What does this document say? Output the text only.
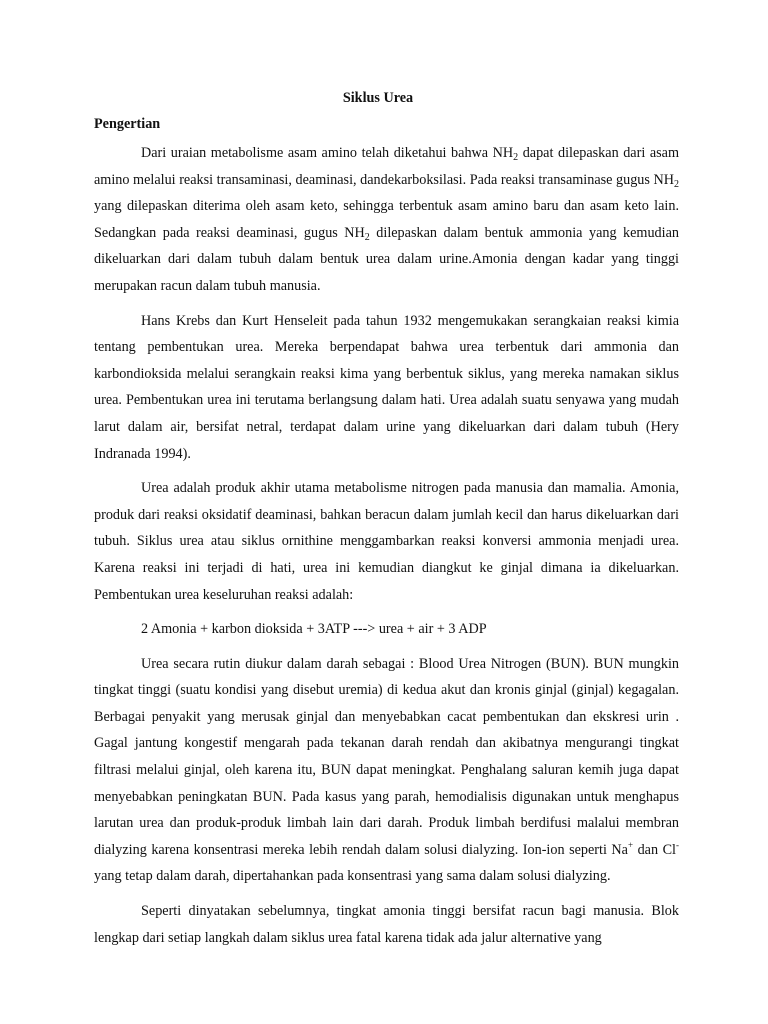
Siklus Urea
Pengertian

Dari uraian metabolisme asam amino telah diketahui bahwa $NH_2$ dapat dilepaskan dari asam amino melalui reaksi transaminasi, deaminasi, dandekarboksilasi. Pada reaksi transaminase gugus $NH_2$ yang dilepaskan diterima oleh asam keto, sehingga terbentuk asam amino baru dan asam keto lain. Sedangkan pada reaksi deaminasi, gugus $NH_2$ dilepaskan dalam bentuk ammonia yang kemudian dikeluarkan dari dalam tubuh dalam bentuk urea dalam urine.Amonia dengan kadar yang tinggi merupakan racun dalam tubuh manusia.

Hans Krebs dan Kurt Henseleit pada tahun 1932 mengemukakan serangkaian reaksi kimia tentang pembentukan urea. Mereka berpendapat bahwa urea terbentuk dari ammonia dan karbondioksida melalui serangkain reaksi kima yang berbentuk siklus, yang mereka namakan siklus urea. Pembentukan urea ini terutama berlangsung dalam hati. Urea adalah suatu senyawa yang mudah larut dalam air, bersifat netral, terdapat dalam urine yang dikeluarkan dari dalam tubuh (Hery Indranada 1994).

Urea adalah produk akhir utama metabolisme nitrogen pada manusia dan mamalia. Amonia, produk dari reaksi oksidatif deaminasi, bahkan beracun dalam jumlah kecil dan harus dikeluarkan dari tubuh. Siklus urea atau siklus ornithine menggambarkan reaksi konversi ammonia menjadi urea. Karena reaksi ini terjadi di hati, urea ini kemudian diangkut ke ginjal dimana ia dikeluarkan. Pembentukan urea keseluruhan reaksi adalah:

2 Amonia + karbon dioksida + 3ATP ---> urea + air + 3 ADP

Urea secara rutin diukur dalam darah sebagai : Blood Urea Nitrogen (BUN). BUN mungkin tingkat tinggi (suatu kondisi yang disebut uremia) di kedua akut dan kronis ginjal (ginjal) kegagalan. Berbagai penyakit yang merusak ginjal dan menyebabkan cacat pembentukan dan ekskresi urin . Gagal jantung kongestif mengarah pada tekanan darah rendah dan akibatnya mengurangi tingkat filtrasi melalui ginjal, oleh karena itu, BUN dapat meningkat. Penghalang saluran kemih juga dapat menyebabkan peningkatan BUN. Pada kasus yang parah, hemodialisis digunakan untuk menghapus larutan urea dan produk-produk limbah lain dari darah. Produk limbah berdifusi malalui membran dialyzing karena konsentrasi mereka lebih rendah dalam solusi dialyzing. Ion-ion seperti Na+ dan Cl- yang tetap dalam darah, dipertahankan pada konsentrasi yang sama dalam solusi dialyzing.

Seperti dinyatakan sebelumnya, tingkat amonia tinggi bersifat racun bagi manusia. Blok lengkap dari setiap langkah dalam siklus urea fatal karena tidak ada jalur alternative yang
